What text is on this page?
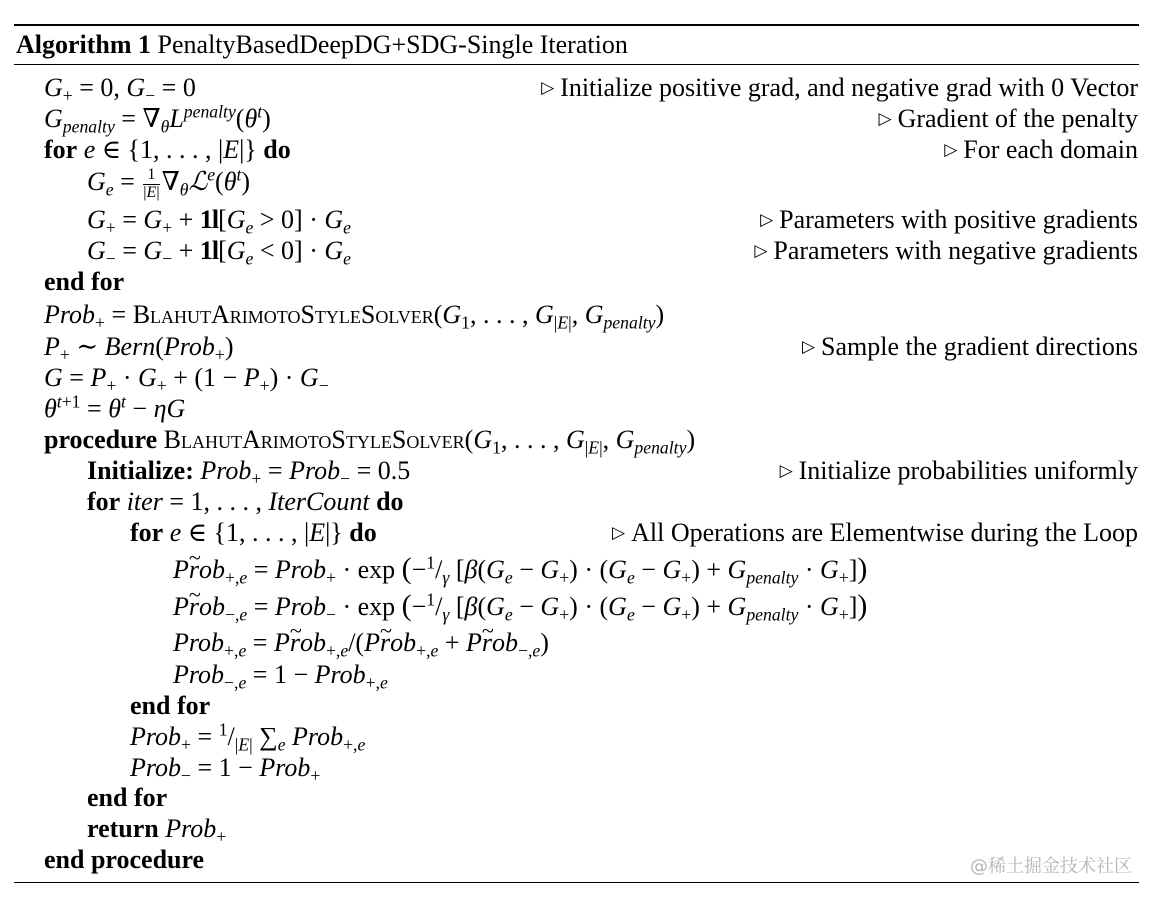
Algorithm 1 PenaltyBasedDeepDG+SDG-Single Iteration
$G_+ = 0$, $G_- = 0$	▷ Initialize positive grad, and negative grad with 0 Vector
$G_{penalty} = \nabla_\theta L^{penalty}(\theta^t)$	▷ Gradient of the penalty
for e ∈ {1, . . . , |E|} do	▷ For each domain
$G_e = \frac{1}{|E|}$ $\nabla_\theta ℒ^e(\theta^t)$
$G_+ = G_+ + 1l[G_e > 0] \cdot G_e$	▷ Parameters with positive gradients
$G_- = G_- + 1l[G_e < 0] \cdot G_e$	▷ Parameters with negative gradients
end for
Prob$_+$ = $BlahutArimotoStyleSolver(G_1$, . . . , $G_{|E|}$, $G_{penalty}$)
$P_+$ ∼ Bern(Prob$_+$)	▷ Sample the gradient directions
$G = P_+ \cdot G_+ + (1 - P_+) \cdot G_-$
$\theta^{t+1} = \theta^t - \eta G$
procedure $BlahutArimotoStyleSolver(G_1$, . . . , $G_{|E|}$, $G_{penalty}$)
Initialize: Prob$_+$ = Prob$_-$ = 0.5	▷ Initialize probabilities uniformly
for iter = 1, . . . , IterCount do
for e ∈ {1, . . . , |E|} do	▷ All Operations are Elementwise during the Loop
P~ rob$_{+,e}$ = Prob$_+$ · $\exp (-^1/_\gamma$ $[\beta(G_e - G_+) \cdot (G_e - G_+) + G_{penalty} \cdot G_+]$)
P~ rob$_{-,e}$ = Prob$_-$ · $\exp (-^1/_\gamma$ $[\beta(G_e - G_+) \cdot (G_e - G_+) + G_{penalty} \cdot G_+]$)
Prob$_{+,e}$ = P~ rob$_{+,e}$/(P~ rob$_{+,e}$ + P~ rob$_{-,e}$)
Prob$_{-,e}$ = 1 − Prob$_{+,e}$
end for
Prob$_+$ = $^1/_{|E|}$ $\sum_e$ Prob$_{+,e}$
Prob$_-$ = 1 − Prob$_+$
end for
return Prob$_+$
end procedure	@稀土掘金技术社区
